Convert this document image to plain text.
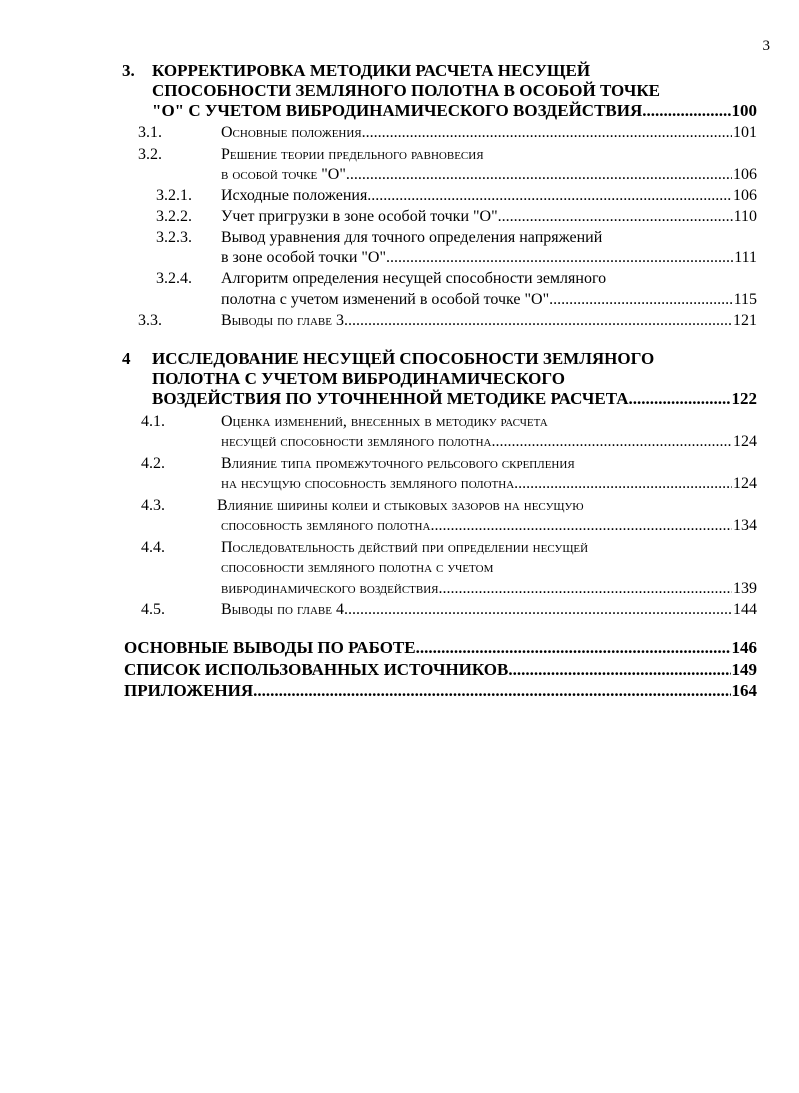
3
3. КОРРЕКТИРОВКА МЕТОДИКИ РАСЧЕТА НЕСУЩЕЙ
СПОСОБНОСТИ ЗЕМЛЯНОГО ПОЛОТНА В ОСОБОЙ ТОЧКЕ
"О" С УЧЕТОМ ВИБРОДИНАМИЧЕСКОГО ВОЗДЕЙСТВИЯ .....	100
3.1.	Основные положения. .....	101
3.2.	Решение теории предельного равновесия
в особой точке "О" .....	106
3.2.1. Исходные положения .....	106
3.2.2. Учет пригрузки в зоне особой точки "О" .....	110
3.2.3. Вывод уравнения для точного определения напряжений
в зоне особой точки "О" .....	111
3.2.4. Алгоритм определения несущей способности земляного
полотна с учетом изменений в особой точке "О" .....	115
3.3.	Выводы по главе 3. .....	121
4 ИССЛЕДОВАНИЕ НЕСУЩЕЙ СПОСОБНОСТИ ЗЕМЛЯНОГО
ПОЛОТНА С УЧЕТОМ ВИБРОДИНАМИЧЕСКОГО
ВОЗДЕЙСТВИЯ ПО УТОЧНЕННОЙ МЕТОДИКЕ РАСЧЕТА .....	122
4.1.	Оценка изменений, внесенных в методику расчета
несущей способности земляного полотна .....	124
4.2.	Влияние типа промежуточного рельсового скрепления
на несущую способность земляного полотна .....	124
4.3.	Влияние ширины колеи и стыковых зазоров на несущую
способность земляного полотна .....	134
4.4.	Последовательность действий при определении несущей
способности земляного полотна с учетом
вибродинамического воздействия .....	139
4.5.	Выводы по главе 4 .....	144
ОСНОВНЫЕ ВЫВОДЫ ПО РАБОТЕ .....	146
СПИСОК ИСПОЛЬЗОВАННЫХ ИСТОЧНИКОВ .....	149
ПРИЛОЖЕНИЯ .....	164
